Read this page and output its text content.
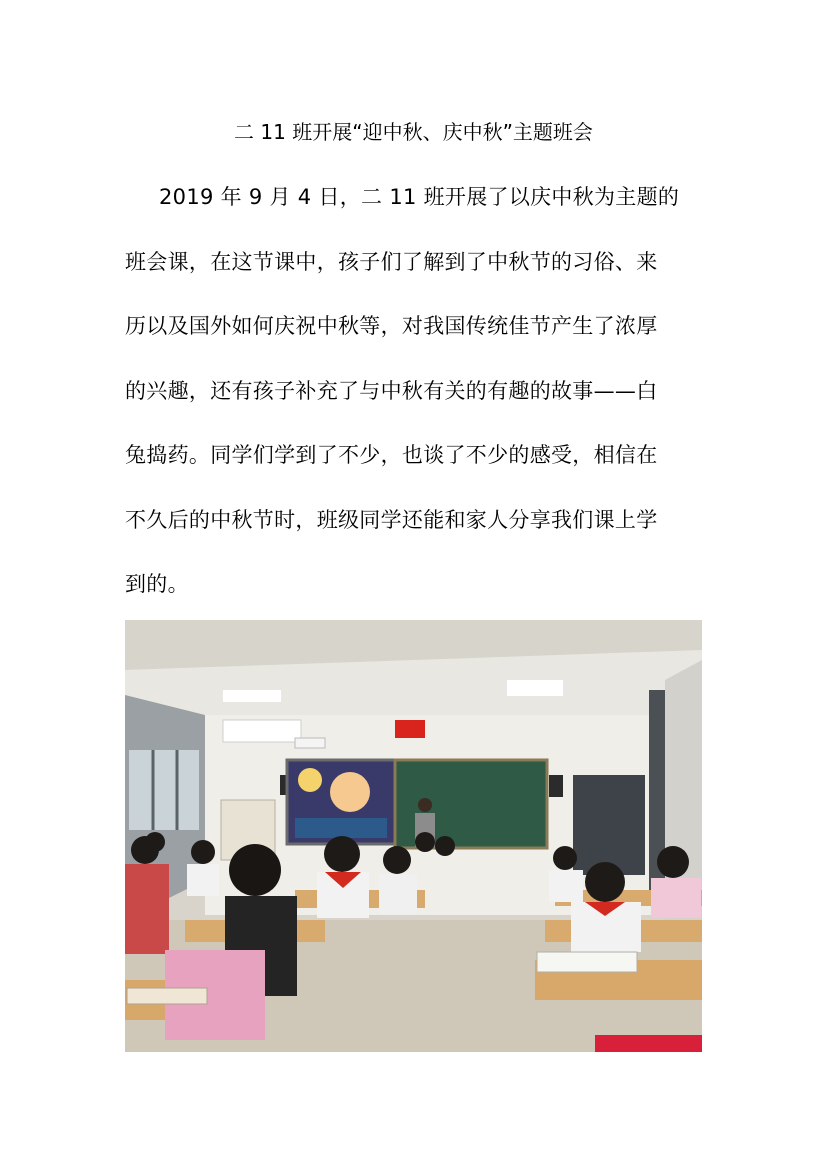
二 11 班开展“迎中秋、庆中秋”主题班会
2019 年 9 月 4 日，二 11 班开展了以庆中秋为主题的
班会课，在这节课中，孩子们了解到了中秋节的习俗、来
历以及国外如何庆祝中秋等，对我国传统佳节产生了浓厚
的兴趣，还有孩子补充了与中秋有关的有趣的故事——白
兔捣药。同学们学到了不少，也谈了不少的感受，相信在
不久后的中秋节时，班级同学还能和家人分享我们课上学
到的。
